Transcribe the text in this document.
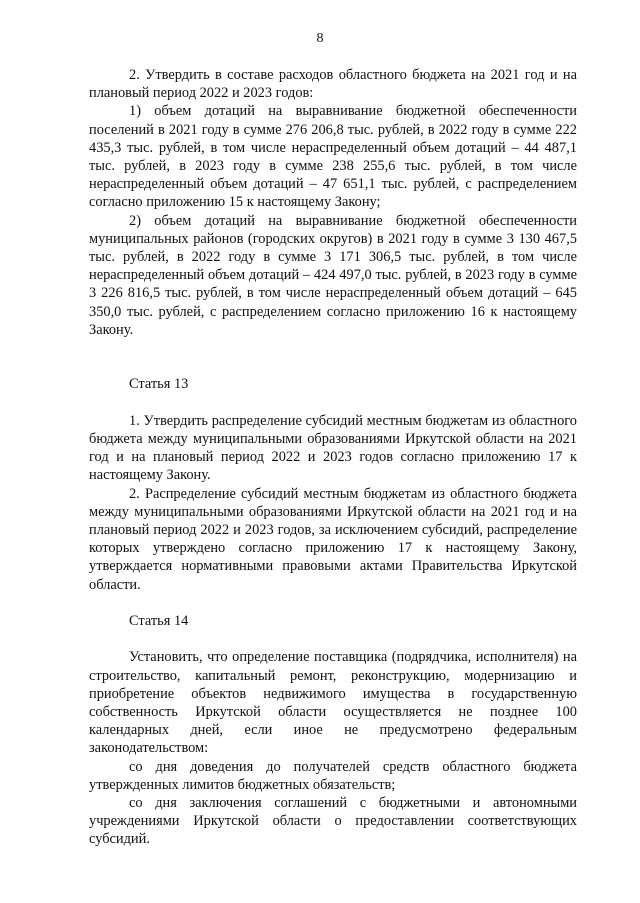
8

2. Утвердить в составе расходов областного бюджета на 2021 год и на плановый период 2022 и 2023 годов:

1) объем дотаций на выравнивание бюджетной обеспеченности поселений в 2021 году в сумме 276 206,8 тыс. рублей, в 2022 году в сумме 222 435,3 тыс. рублей, в том числе нераспределенный объем дотаций – 44 487,1 тыс. рублей, в 2023 году в сумме 238 255,6 тыс. рублей, в том числе нераспределенный объем дотаций – 47 651,1 тыс. рублей, с распределением согласно приложению 15 к настоящему Закону;

2) объем дотаций на выравнивание бюджетной обеспеченности муниципальных районов (городских округов) в 2021 году в сумме 3 130 467,5 тыс. рублей, в 2022 году в сумме 3 171 306,5 тыс. рублей, в том числе нераспределенный объем дотаций – 424 497,0 тыс. рублей, в 2023 году в сумме 3 226 816,5 тыс. рублей, в том числе нераспределенный объем дотаций – 645 350,0 тыс. рублей, с распределением согласно приложению 16 к настоящему Закону.

Статья 13

1. Утвердить распределение субсидий местным бюджетам из областного бюджета между муниципальными образованиями Иркутской области на 2021 год и на плановый период 2022 и 2023 годов согласно приложению 17 к настоящему Закону.

2. Распределение субсидий местным бюджетам из областного бюджета между муниципальными образованиями Иркутской области на 2021 год и на плановый период 2022 и 2023 годов, за исключением субсидий, распределение которых утверждено согласно приложению 17 к настоящему Закону, утверждается нормативными правовыми актами Правительства Иркутской области.

Статья 14

Установить, что определение поставщика (подрядчика, исполнителя) на строительство, капитальный ремонт, реконструкцию, модернизацию и приобретение объектов недвижимого имущества в государственную собственность Иркутской области осуществляется не позднее 100 календарных дней, если иное не предусмотрено федеральным законодательством:

со дня доведения до получателей средств областного бюджета утвержденных лимитов бюджетных обязательств;

со дня заключения соглашений с бюджетными и автономными учреждениями Иркутской области о предоставлении соответствующих субсидий.
